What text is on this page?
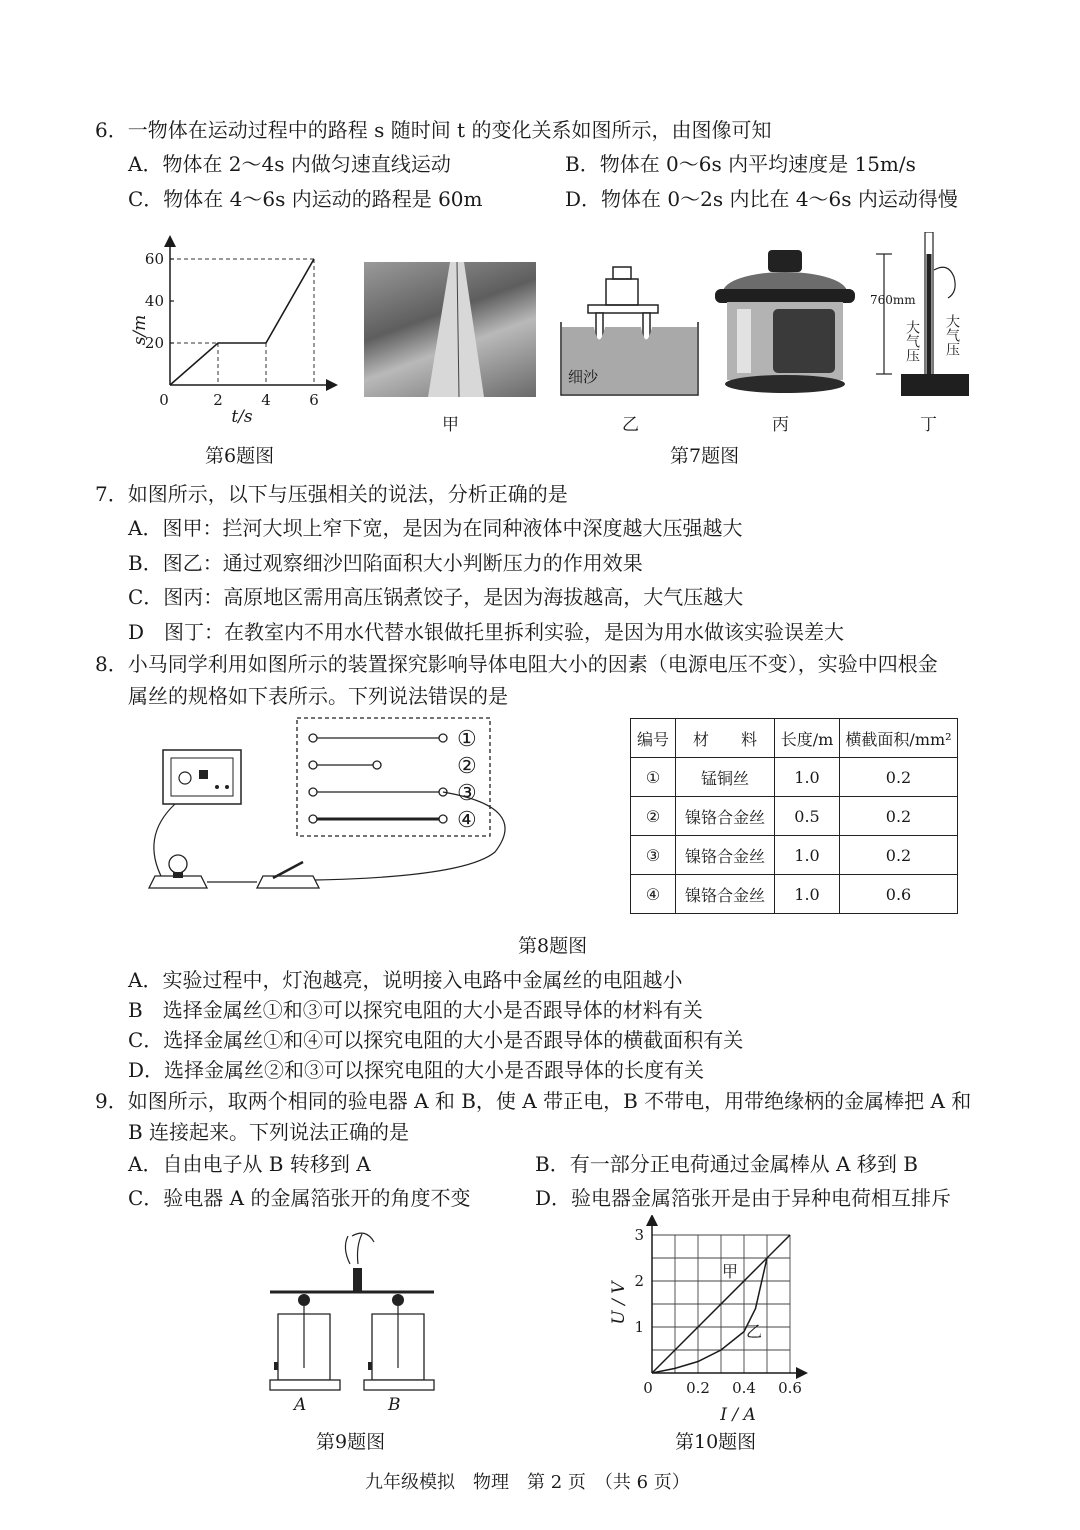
6．一物体在运动过程中的路程 s 随时间 t 的变化关系如图所示，由图像可知
A．物体在 2～4s 内做匀速直线运动	B．物体在 0～6s 内平均速度是 15m/s
C．物体在 4～6s 内运动的路程是 60m	D．物体在 0～2s 内比在 4～6s 内运动得慢
0	2	4	6
20
40
60
s/m
t/s
第6题图
甲
细沙
乙	丙
760mm
大气压 大气压
丁
第7题图
7．如图所示，以下与压强相关的说法，分析正确的是
A．图甲：拦河大坝上窄下宽，是因为在同种液体中深度越大压强越大
B．图乙：通过观察细沙凹陷面积大小判断压力的作用效果
C．图丙：高原地区需用高压锅煮饺子，是因为海拔越高，大气压越大
D　图丁：在教室内不用水代替水银做托里拆利实验，是因为用水做该实验误差大
8．小马同学利用如图所示的装置探究影响导体电阻大小的因素（电源电压不变），实验中四根金
属丝的规格如下表所示。下列说法错误的是
①
②
③
④
编号	材　　料	长度/m	横截面积/mm²
①	锰铜丝	1.0	0.2
②	镍铬合金丝	0.5	0.2
③	镍铬合金丝	1.0	0.2
④	镍铬合金丝	1.0	0.6
第8题图
A．实验过程中，灯泡越亮，说明接入电路中金属丝的电阻越小
B　选择金属丝①和③可以探究电阻的大小是否跟导体的材料有关
C．选择金属丝①和④可以探究电阻的大小是否跟导体的横截面积有关
D．选择金属丝②和③可以探究电阻的大小是否跟导体的长度有关
9．如图所示，取两个相同的验电器 A 和 B，使 A 带正电，B 不带电，用带绝缘柄的金属棒把 A 和
B 连接起来。下列说法正确的是
A．自由电子从 B 转移到 A	B．有一部分正电荷通过金属棒从 A 移到 B
C．验电器 A 的金属箔张开的角度不变	D．验电器金属箔张开是由于异种电荷相互排斥
A	B
第9题图
0 0.2 0.4 0.6
1
2
3
U / V
I / A
甲
乙
第10题图
九年级模拟　物理　第 2 页　（共 6 页）
